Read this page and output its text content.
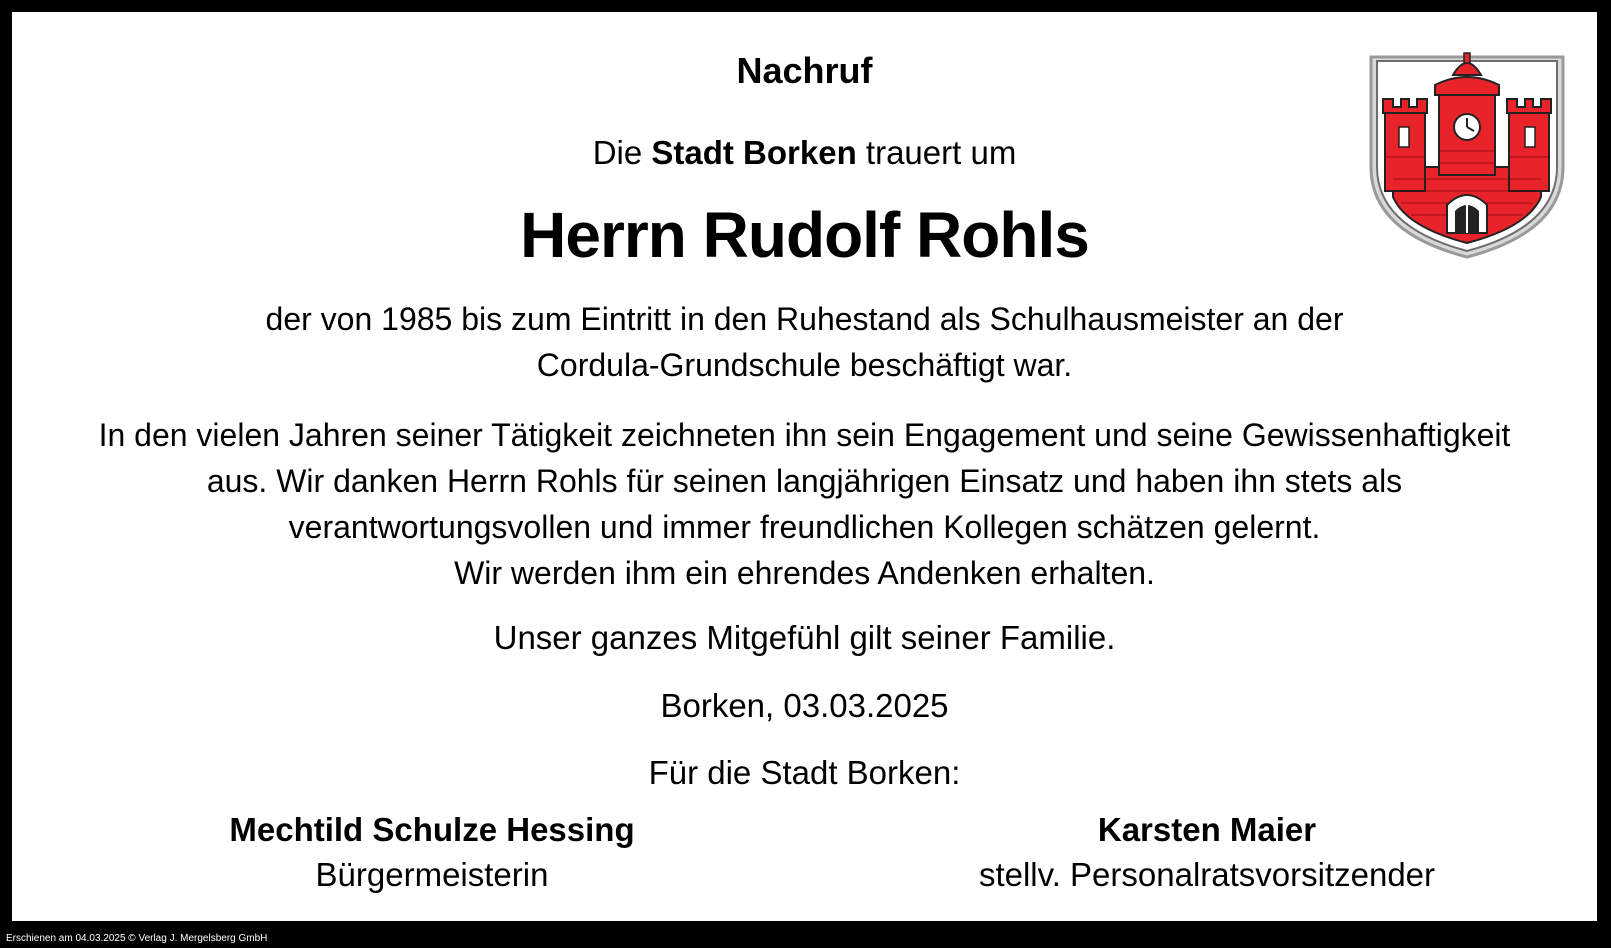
Nachruf
Die Stadt Borken trauert um
Herrn Rudolf Rohls
der von 1985 bis zum Eintritt in den Ruhestand als Schulhausmeister an der
Cordula-Grundschule beschäftigt war.
In den vielen Jahren seiner Tätigkeit zeichneten ihn sein Engagement und seine Gewissenhaftigkeit
aus. Wir danken Herrn Rohls für seinen langjährigen Einsatz und haben ihn stets als
verantwortungsvollen und immer freundlichen Kollegen schätzen gelernt.
Wir werden ihm ein ehrendes Andenken erhalten.
Unser ganzes Mitgefühl gilt seiner Familie.
Borken, 03.03.2025
Für die Stadt Borken:
Mechtild Schulze Hessing
Bürgermeisterin
Karsten Maier
stellv. Personalratsvorsitzender
Erschienen am 04.03.2025 © Verlag J. Mergelsberg GmbH
